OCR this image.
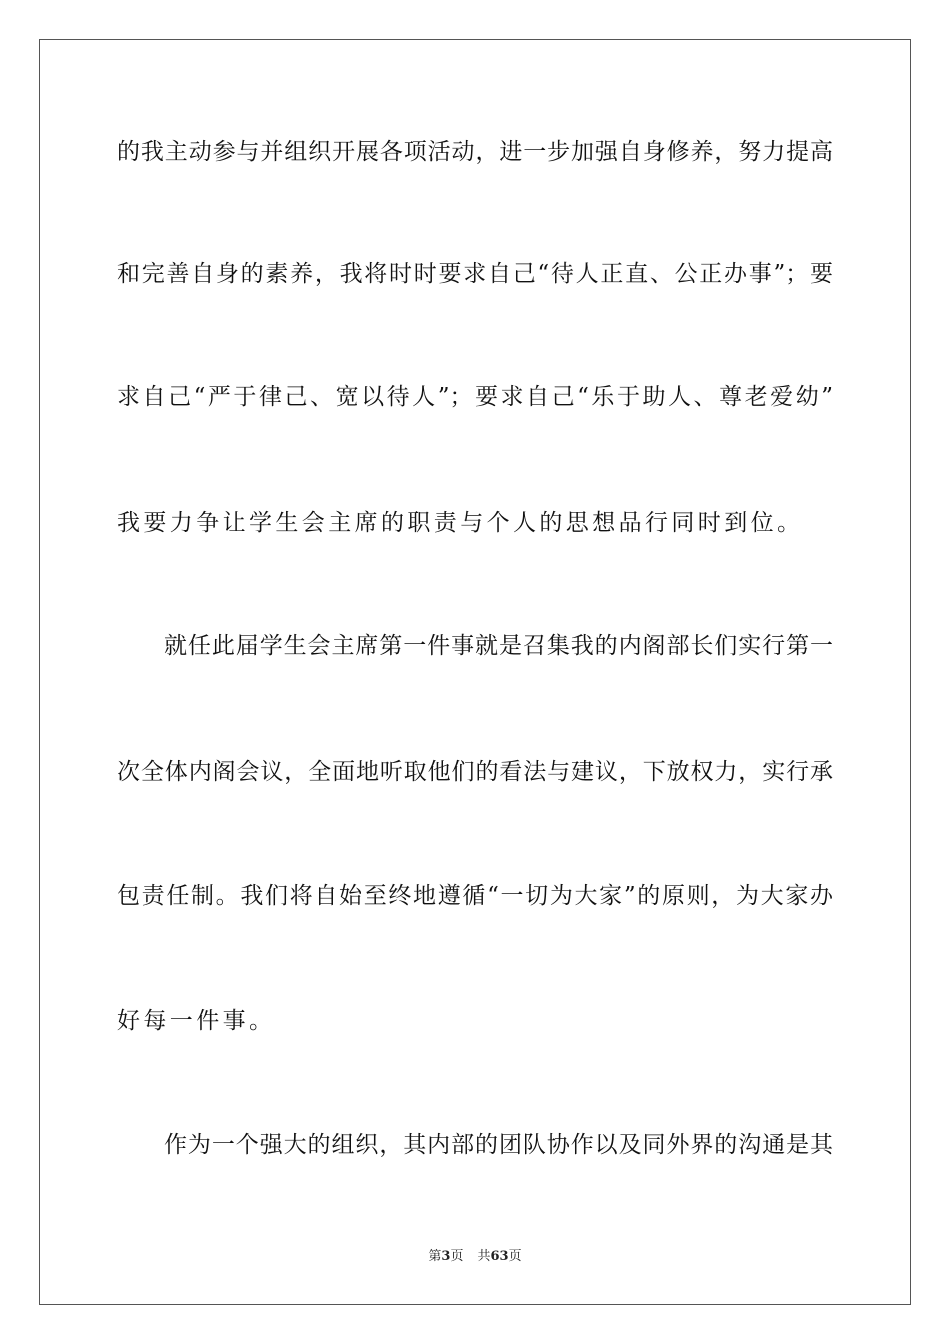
的我主动参与并组织开展各项活动，进一步加强自身修养，努力提高
和完善自身的素养，我将时时要求自己“待人正直、公正办事”；要
求自己“严于律己、宽以待人”；要求自己“乐于助人、尊老爱幼”
我要力争让学生会主席的职责与个人的思想品行同时到位。
就任此届学生会主席第一件事就是召集我的内阁部长们实行第一
次全体内阁会议，全面地听取他们的看法与建议，下放权力，实行承
包责任制。我们将自始至终地遵循“一切为大家”的原则，为大家办
好每一件事。
作为一个强大的组织，其内部的团队协作以及同外界的沟通是其
第3页 共63页
